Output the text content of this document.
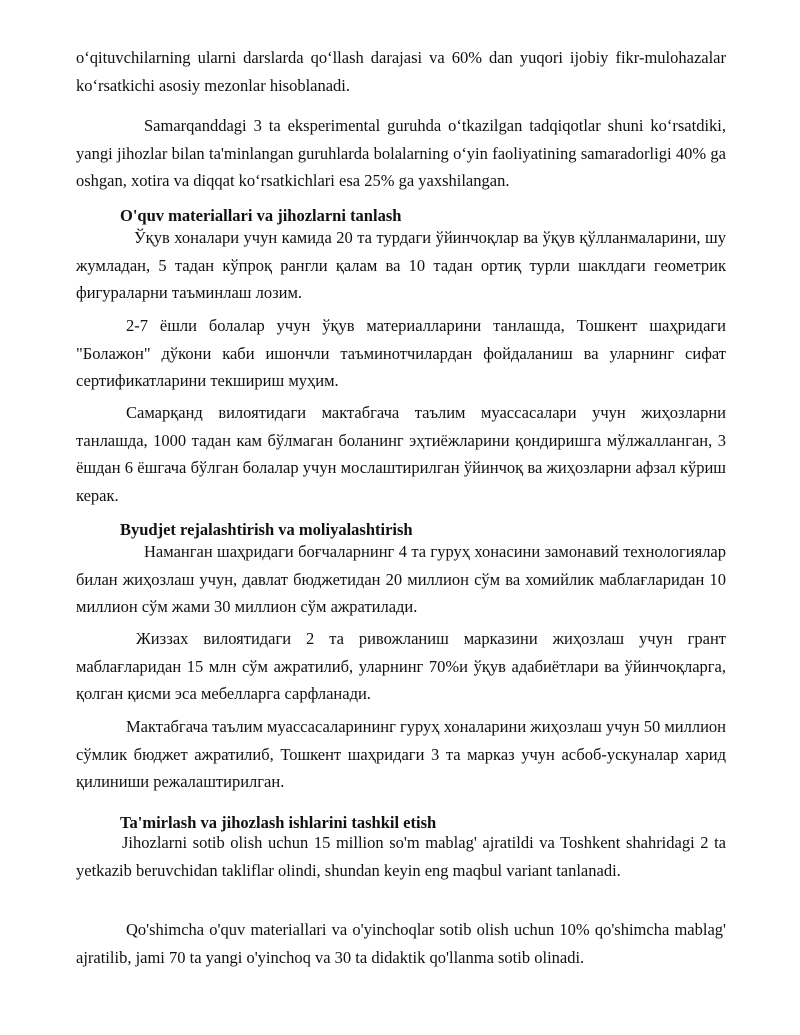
o‘qituvchilarning ularni darslarda qo‘llash darajasi va 60% dan yuqori ijobiy fikr-mulohazalar ko‘rsatkichi asosiy mezonlar hisoblanadi.

Samarqanddagi 3 ta eksperimental guruhda o‘tkazilgan tadqiqotlar shuni ko‘rsatdiki, yangi jihozlar bilan ta'minlangan guruhlarda bolalarning o‘yin faoliyatining samaradorligi 40% ga oshgan, xotira va diqqat ko‘rsatkichlari esa 25% ga yaxshilangan.

O'quv materiallari va jihozlarni tanlash

Ўқув хоналари учун камида 20 та турдаги ўйинчоқлар ва ўқув қўлланмаларини, шу жумладан, 5 тадан кўпроқ рангли қалам ва 10 тадан ортиқ турли шаклдаги геометрик фигураларни таъминлаш лозим.

2-7 ёшли болалар учун ўқув материалларини танлашда, Тошкент шаҳридаги "Болажон" дўкони каби ишончли таъминотчилардан фойдаланиш ва уларнинг сифат сертификатларини текшириш муҳим.

Самарқанд вилоятидаги мактабгача таълим муассасалари учун жиҳозларни танлашда, 1000 тадан кам бўлмаган боланинг эҳтиёжларини қондиришга мўлжалланган, 3 ёшдан 6 ёшгача бўлган болалар учун мослаштирилган ўйинчоқ ва жиҳозларни афзал кўриш керак.

Byudjet rejalashtirish va moliyalashtirish

Наманган шаҳридаги боғчаларнинг 4 та гуруҳ хонасини замонавий технологиялар билан жиҳозлаш учун, давлат бюджетидан 20 миллион сўм ва хомийлик маблағларидан 10 миллион сўм жами 30 миллион сўм ажратилади.

Жиззах вилоятидаги 2 та ривожланиш марказини жиҳозлаш учун грант маблағларидан 15 млн сўм ажратилиб, уларнинг 70%и ўқув адабиётлари ва ўйинчоқларга, қолган қисми эса мебелларга сарфланади.

Мактабгача таълим муассасаларининг гуруҳ хоналарини жиҳозлаш учун 50 миллион сўмлик бюджет ажратилиб, Тошкент шаҳридаги 3 та марказ учун асбоб-ускуналар харид қилиниши режалаштирилган.

Ta'mirlash va jihozlash ishlarini tashkil etish

Jihozlarni sotib olish uchun 15 million so'm mablag' ajratildi va Toshkent shahridagi 2 ta yetkazib beruvchidan takliflar olindi, shundan keyin eng maqbul variant tanlanadi.

Qo'shimcha o'quv materiallari va o'yinchoqlar sotib olish uchun 10% qo'shimcha mablag' ajratilib, jami 70 ta yangi o'yinchoq va 30 ta didaktik qo'llanma sotib olinadi.
